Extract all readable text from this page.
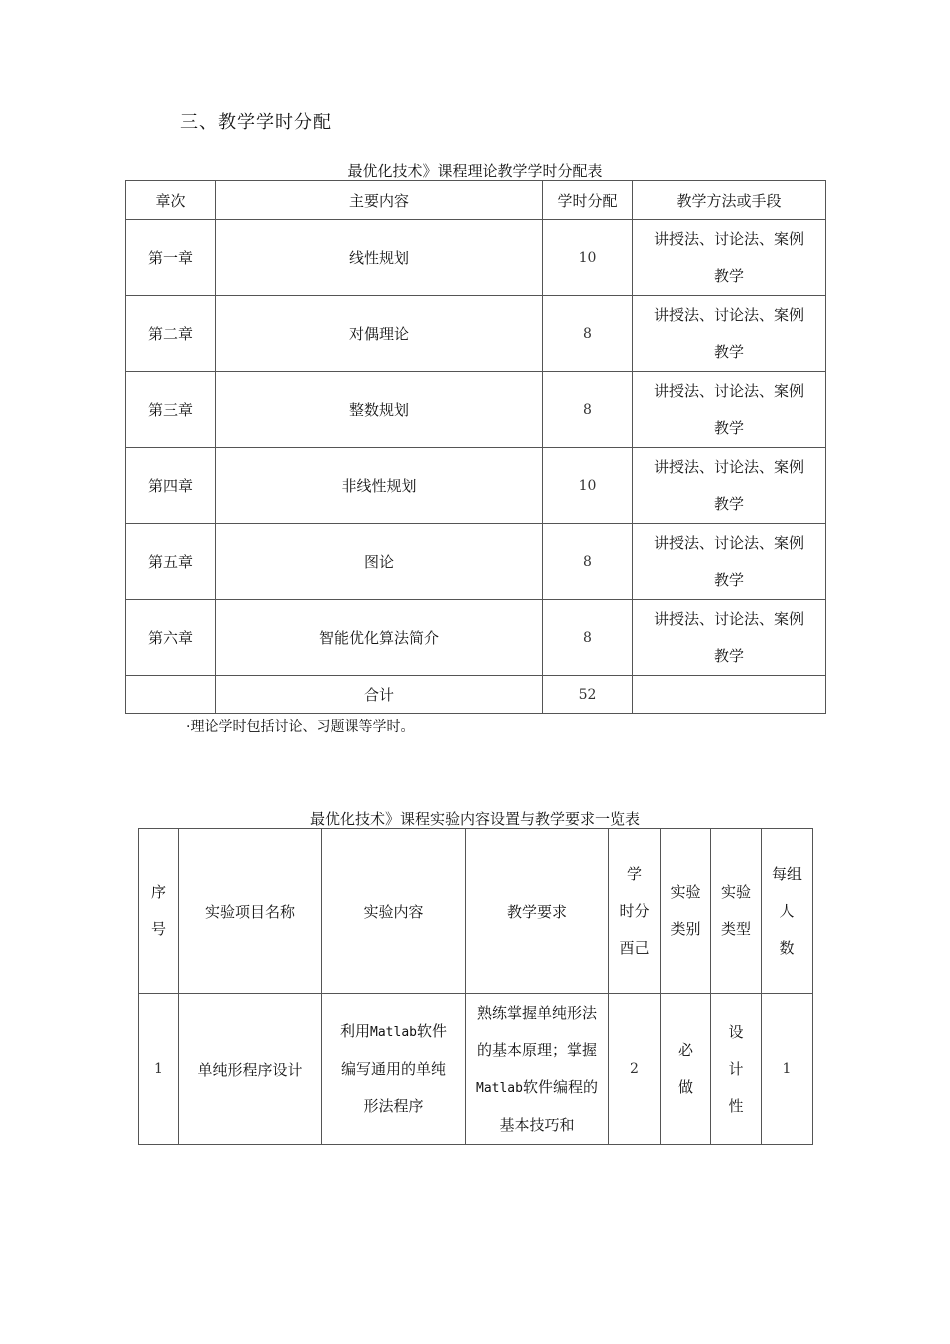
三、教学学时分配
最优化技术》课程理论教学学时分配表
章次	主要内容	学时分配	教学方法或手段
第一章	线性规划	10	讲授法、讨论法、案例
教学
第二章	对偶理论	8	讲授法、讨论法、案例
教学
第三章	整数规划	8	讲授法、讨论法、案例
教学
第四章	非线性规划	10	讲授法、讨论法、案例
教学
第五章	图论	8	讲授法、讨论法、案例
教学
第六章	智能优化算法简介	8	讲授法、讨论法、案例
教学
	合计	52	
·理论学时包括讨论、习题课等学时。
最优化技术》课程实验内容设置与教学要求一览表
序
号	实验项目名称	实验内容	教学要求	学
时分
酉己	实验
类别	实验
类型	每组
人
数
1	单纯形程序设计	利用Matlab软件
编写通用的单纯
形法程序	熟练掌握单纯形法
的基本原理；掌握
Matlab软件编程的
基本技巧和	2	必
做	设
计
性	1
